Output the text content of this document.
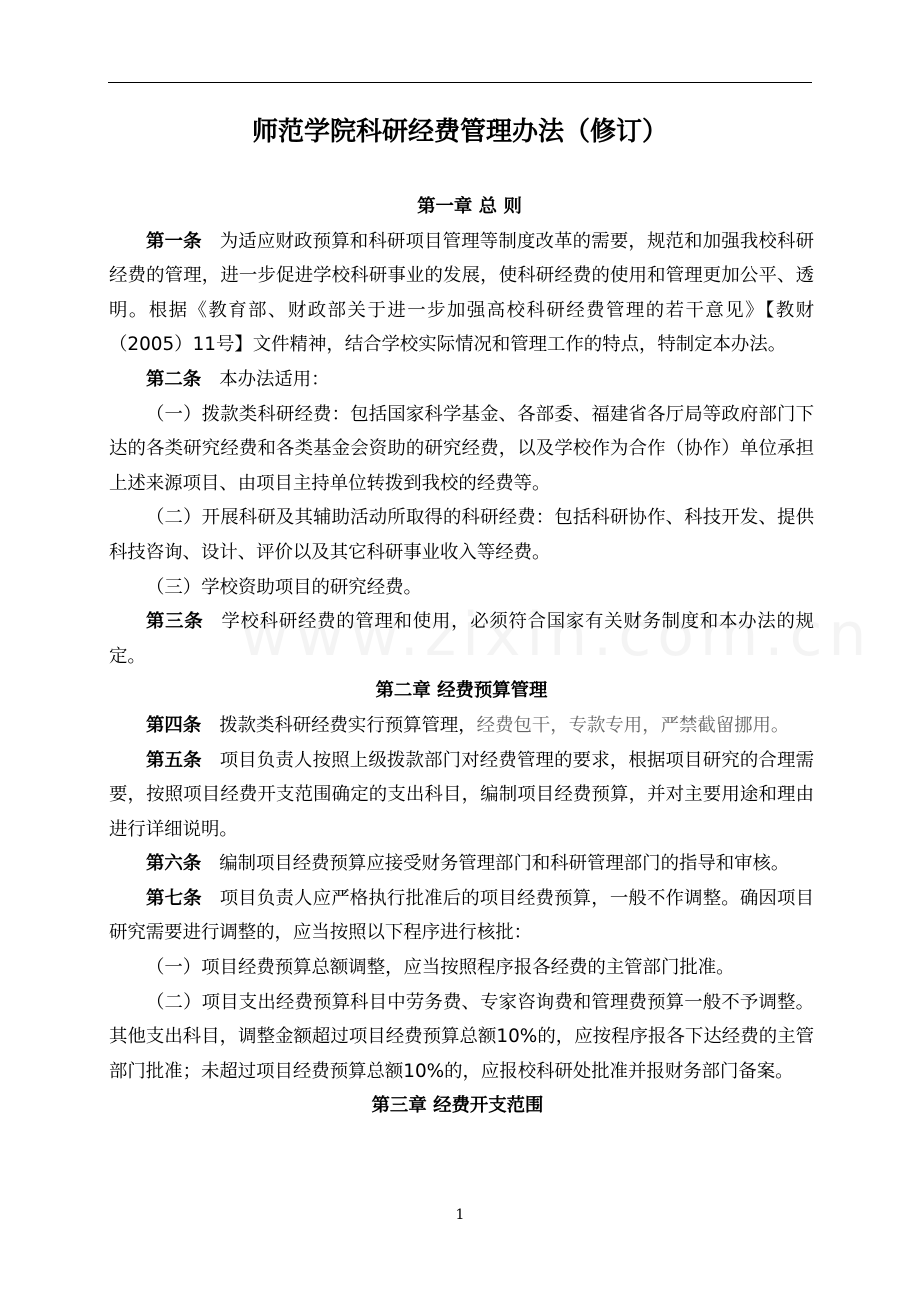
师范学院科研经费管理办法（修订）

第一章 总 则

第一条 为适应财政预算和科研项目管理等制度改革的需要，规范和加强我校科研经费的管理，进一步促进学校科研事业的发展，使科研经费的使用和管理更加公平、透明。根据《教育部、财政部关于进一步加强高校科研经费管理的若干意见》【教财（2005）11号】文件精神，结合学校实际情况和管理工作的特点，特制定本办法。

第二条 本办法适用：

（一）拨款类科研经费：包括国家科学基金、各部委、福建省各厅局等政府部门下达的各类研究经费和各类基金会资助的研究经费，以及学校作为合作（协作）单位承担上述来源项目、由项目主持单位转拨到我校的经费等。

（二）开展科研及其辅助活动所取得的科研经费：包括科研协作、科技开发、提供科技咨询、设计、评价以及其它科研事业收入等经费。

（三）学校资助项目的研究经费。

第三条 学校科研经费的管理和使用，必须符合国家有关财务制度和本办法的规定。

第二章 经费预算管理

第四条 拨款类科研经费实行预算管理，经费包干，专款专用，严禁截留挪用。

第五条 项目负责人按照上级拨款部门对经费管理的要求，根据项目研究的合理需要，按照项目经费开支范围确定的支出科目，编制项目经费预算，并对主要用途和理由进行详细说明。

第六条 编制项目经费预算应接受财务管理部门和科研管理部门的指导和审核。

第七条 项目负责人应严格执行批准后的项目经费预算，一般不作调整。确因项目研究需要进行调整的，应当按照以下程序进行核批：

（一）项目经费预算总额调整，应当按照程序报各经费的主管部门批准。

（二）项目支出经费预算科目中劳务费、专家咨询费和管理费预算一般不予调整。其他支出科目，调整金额超过项目经费预算总额10%的，应按程序报各下达经费的主管部门批准；未超过项目经费预算总额10%的，应报校科研处批准并报财务部门备案。

第三章 经费开支范围

1
